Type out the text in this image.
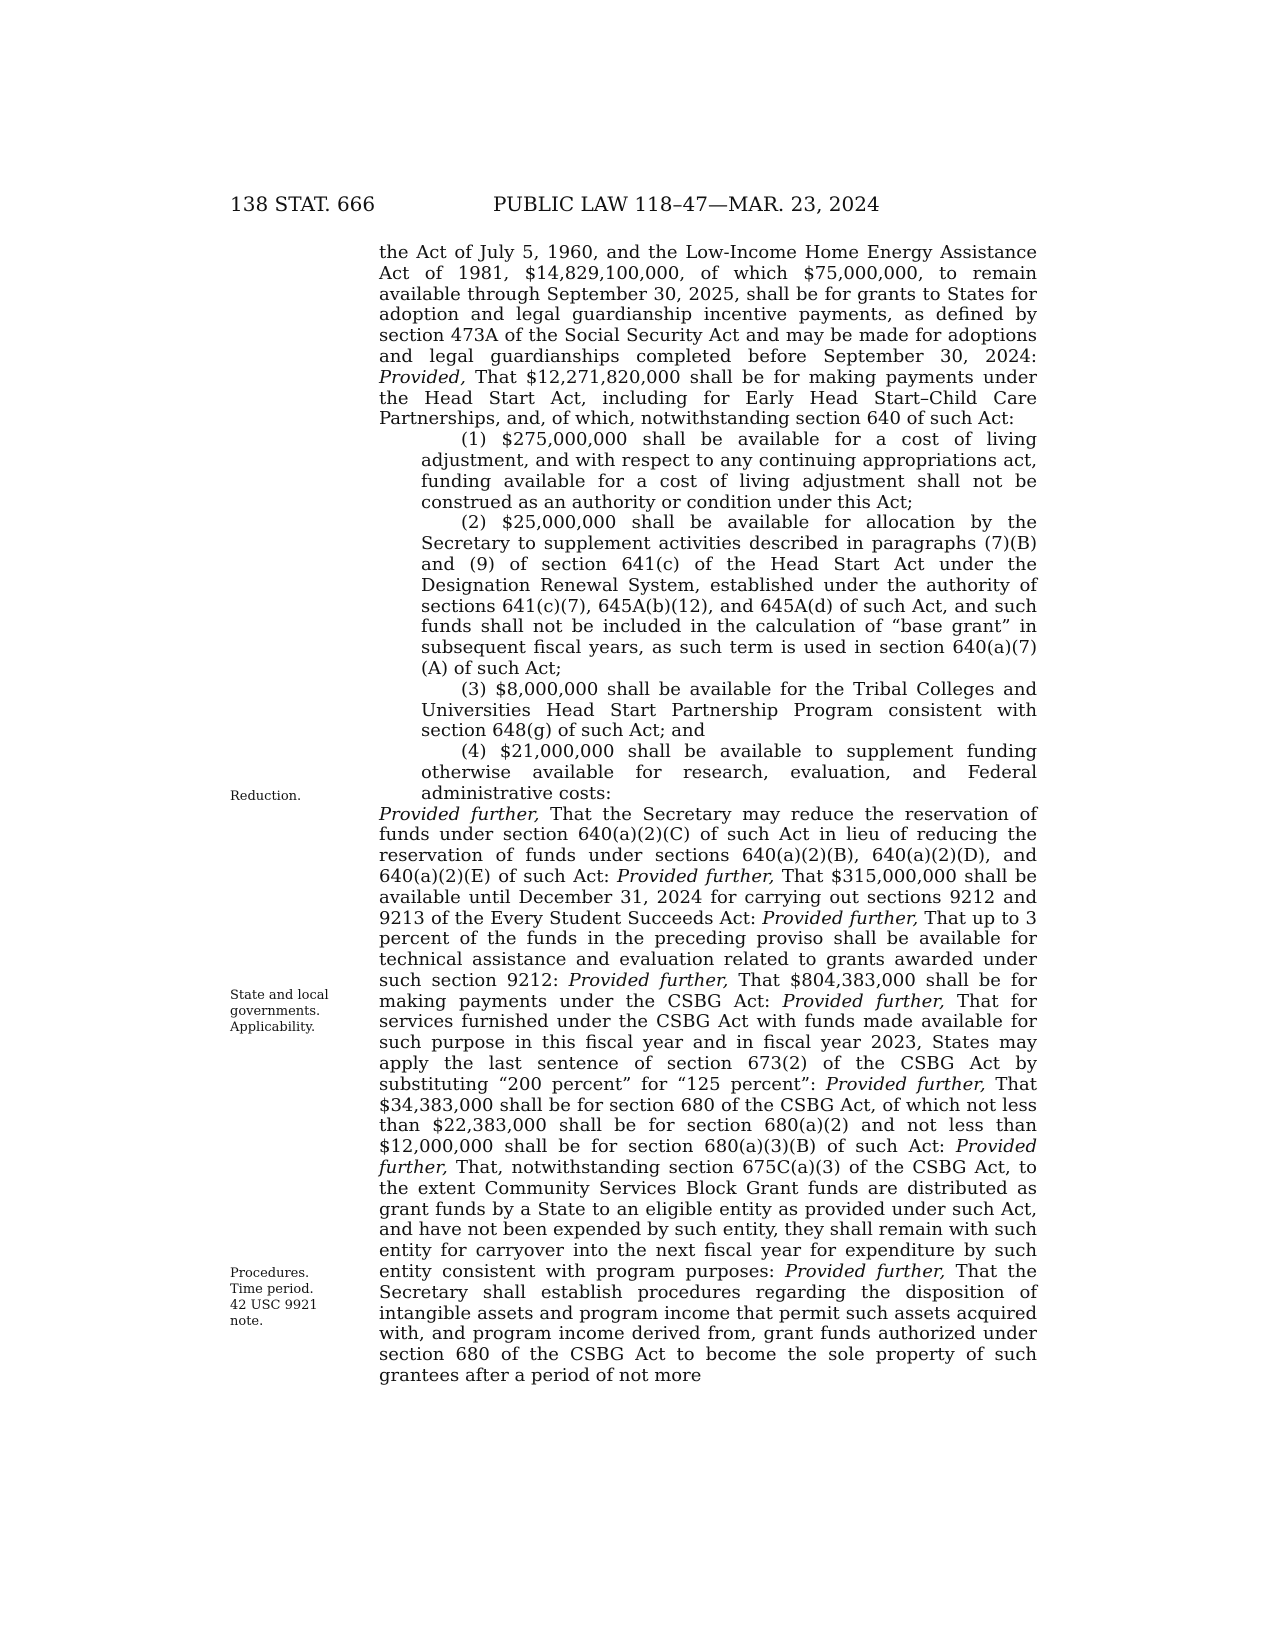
138 STAT. 666	PUBLIC LAW 118–47—MAR. 23, 2024
Reduction.
State and local
governments.
Applicability.
Procedures.
Time period.
42 USC 9921
note.

the Act of July 5, 1960, and the Low-Income Home Energy Assistance Act of 1981, $14,829,100,000, of which $75,000,000, to remain available through September 30, 2025, shall be for grants to States for adoption and legal guardianship incentive payments, as defined by section 473A of the Social Security Act and may be made for adoptions and legal guardianships completed before September 30, 2024: Provided, That $12,271,820,000 shall be for making payments under the Head Start Act, including for Early Head Start–Child Care Partnerships, and, of which, notwithstanding section 640 of such Act:

(1) $275,000,000 shall be available for a cost of living adjustment, and with respect to any continuing appropriations act, funding available for a cost of living adjustment shall not be construed as an authority or condition under this Act;

(2) $25,000,000 shall be available for allocation by the Secretary to supplement activities described in paragraphs (7)(B) and (9) of section 641(c) of the Head Start Act under the Designation Renewal System, established under the authority of sections 641(c)(7), 645A(b)(12), and 645A(d) of such Act, and such funds shall not be included in the calculation of “base grant” in subsequent fiscal years, as such term is used in section 640(a)(7)(A) of such Act;

(3) $8,000,000 shall be available for the Tribal Colleges and Universities Head Start Partnership Program consistent with section 648(g) of such Act; and

(4) $21,000,000 shall be available to supplement funding otherwise available for research, evaluation, and Federal administrative costs:

Provided further, That the Secretary may reduce the reservation of funds under section 640(a)(2)(C) of such Act in lieu of reducing the reservation of funds under sections 640(a)(2)(B), 640(a)(2)(D), and 640(a)(2)(E) of such Act: Provided further, That $315,000,000 shall be available until December 31, 2024 for carrying out sections 9212 and 9213 of the Every Student Succeeds Act: Provided further, That up to 3 percent of the funds in the preceding proviso shall be available for technical assistance and evaluation related to grants awarded under such section 9212: Provided further, That $804,383,000 shall be for making payments under the CSBG Act: Provided further, That for services furnished under the CSBG Act with funds made available for such purpose in this fiscal year and in fiscal year 2023, States may apply the last sentence of section 673(2) of the CSBG Act by substituting “200 percent” for “125 percent”: Provided further, That $34,383,000 shall be for section 680 of the CSBG Act, of which not less than $22,383,000 shall be for section 680(a)(2) and not less than $12,000,000 shall be for section 680(a)(3)(B) of such Act: Provided further, That, notwithstanding section 675C(a)(3) of the CSBG Act, to the extent Community Services Block Grant funds are distributed as grant funds by a State to an eligible entity as provided under such Act, and have not been expended by such entity, they shall remain with such entity for carryover into the next fiscal year for expenditure by such entity consistent with program purposes: Provided further, That the Secretary shall establish procedures regarding the disposition of intangible assets and program income that permit such assets acquired with, and program income derived from, grant funds authorized under section 680 of the CSBG Act to become the sole property of such grantees after a period of not more
